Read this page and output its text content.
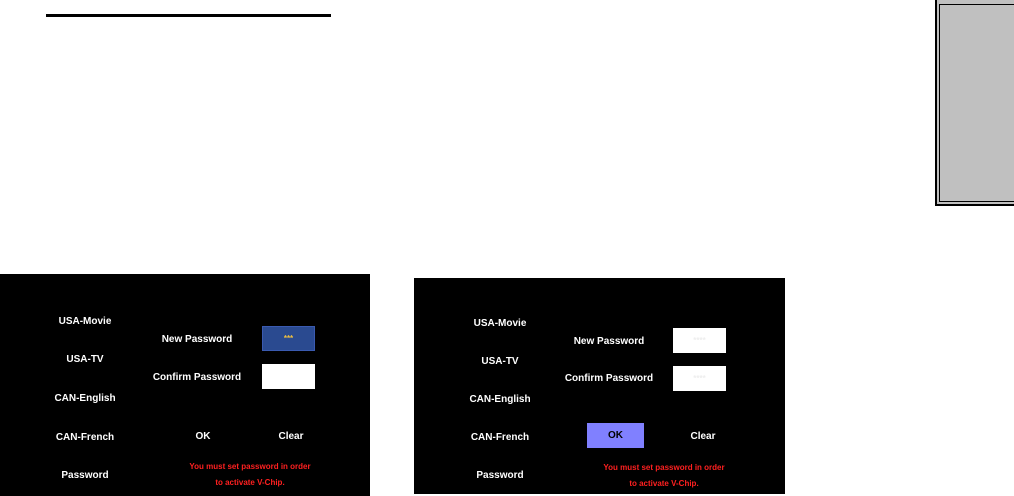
USA-Movie
USA-TV
CAN-English
CAN-French
Password
New Password	***
Confirm Password
OK	Clear
You must set password in order
to activate V-Chip.
USA-Movie
USA-TV
CAN-English
CAN-French
Password
New Password	****
Confirm Password	****
OK	Clear
You must set password in order
to activate V-Chip.
